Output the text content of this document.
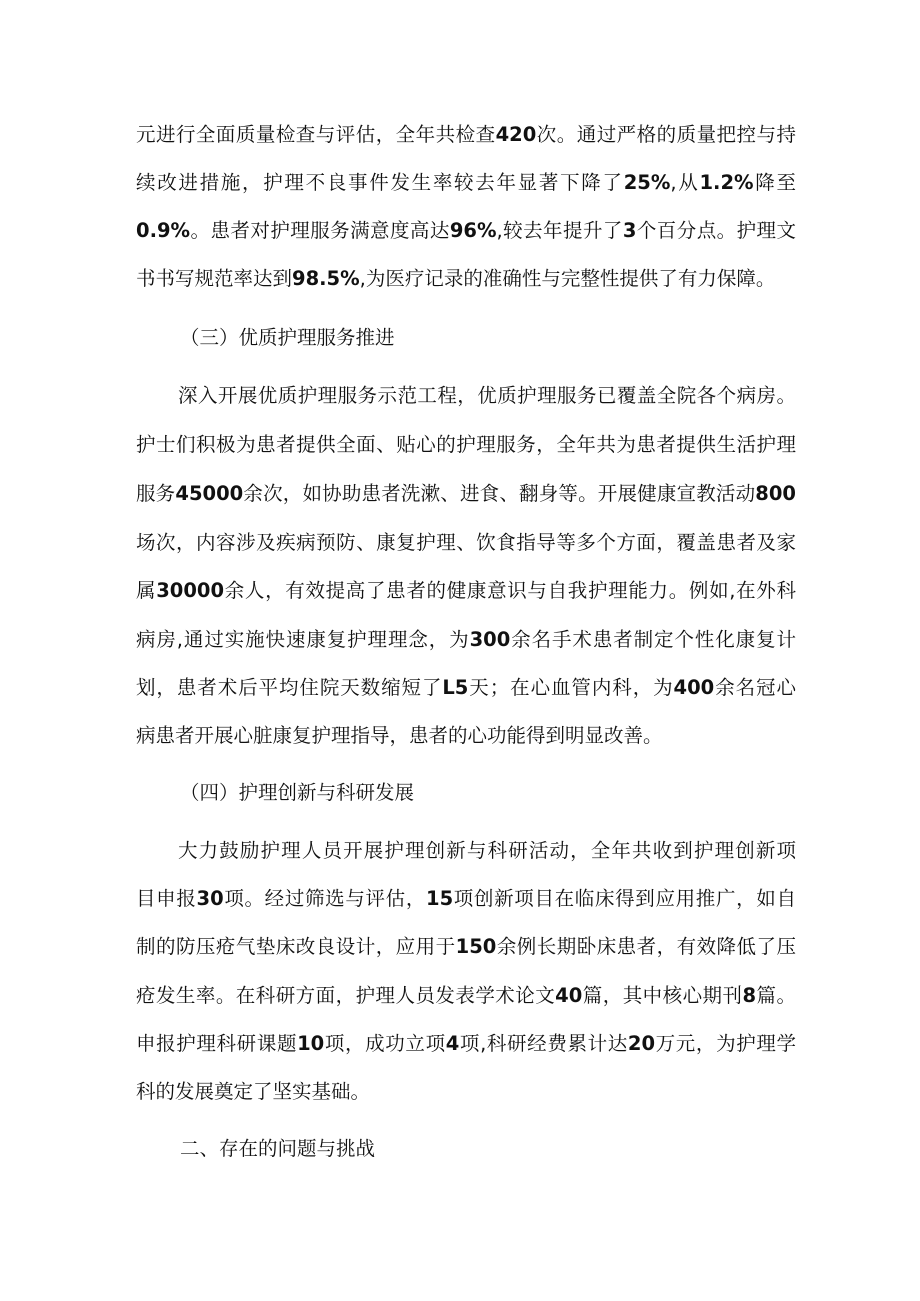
元进行全面质量检查与评估，全年共检查420次。通过严格的质量把控与持
续改进措施，护理不良事件发生率较去年显著下降了25%,从1.2%降至
0.9%。患者对护理服务满意度高达96%,较去年提升了3个百分点。护理文
书书写规范率达到98.5%,为医疗记录的准确性与完整性提供了有力保障。
（三）优质护理服务推进
深入开展优质护理服务示范工程，优质护理服务已覆盖全院各个病房。
护士们积极为患者提供全面、贴心的护理服务，全年共为患者提供生活护理
服务45000余次，如协助患者洗漱、进食、翻身等。开展健康宣教活动800
场次，内容涉及疾病预防、康复护理、饮食指导等多个方面，覆盖患者及家
属30000余人，有效提高了患者的健康意识与自我护理能力。例如,在外科
病房,通过实施快速康复护理理念，为300余名手术患者制定个性化康复计
划，患者术后平均住院天数缩短了L5天；在心血管内科，为400余名冠心
病患者开展心脏康复护理指导，患者的心功能得到明显改善。
（四）护理创新与科研发展
大力鼓励护理人员开展护理创新与科研活动，全年共收到护理创新项
目申报30项。经过筛选与评估，15项创新项目在临床得到应用推广，如自
制的防压疮气垫床改良设计，应用于150余例长期卧床患者，有效降低了压
疮发生率。在科研方面，护理人员发表学术论文40篇，其中核心期刊8篇。
申报护理科研课题10项，成功立项4项,科研经费累计达20万元，为护理学
科的发展奠定了坚实基础。
二、存在的问题与挑战
